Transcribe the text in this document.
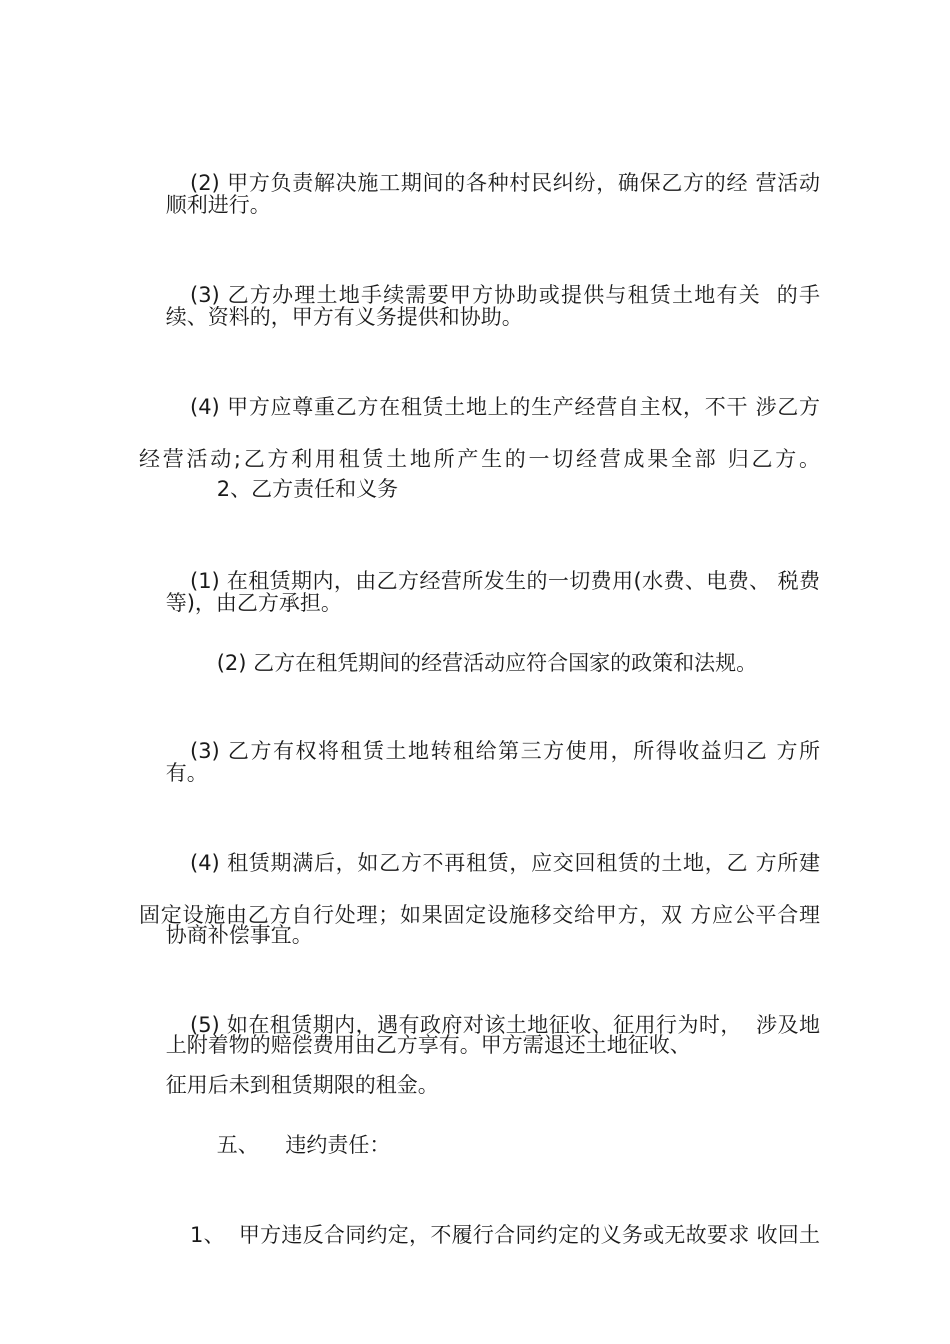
(2) 甲方负责解决施工期间的各种村民纠纷，确保乙方的经 营活动

顺利进行。

(3) 乙方办理土地手续需要甲方协助或提供与租赁土地有关  的手

续、资料的，甲方有义务提供和协助。

(4) 甲方应尊重乙方在租赁土地上的生产经营自主权，不干 涉乙方

经营活动;乙方利用租赁土地所产生的一切经营成果全部 归乙方。

2、乙方责任和义务

(1) 在租赁期内，由乙方经营所发生的一切费用(水费、电费、 税费

等)，由乙方承担。

(2) 乙方在租凭期间的经营活动应符合国家的政策和法规。

(3) 乙方有权将租赁土地转租给第三方使用，所得收益归乙 方所

有。

(4) 租赁期满后，如乙方不再租赁，应交回租赁的土地，乙 方所建

固定设施由乙方自行处理；如果固定设施移交给甲方，双 方应公平合理

协商补偿事宜。

(5) 如在租赁期内，遇有政府对该土地征收、征用行为时，  涉及地

上附着物的赔偿费用由乙方享有。甲方需退还土地征收、

征用后未到租赁期限的租金。

五、    违约责任：

1、  甲方违反合同约定，不履行合同约定的义务或无故要求 收回土
